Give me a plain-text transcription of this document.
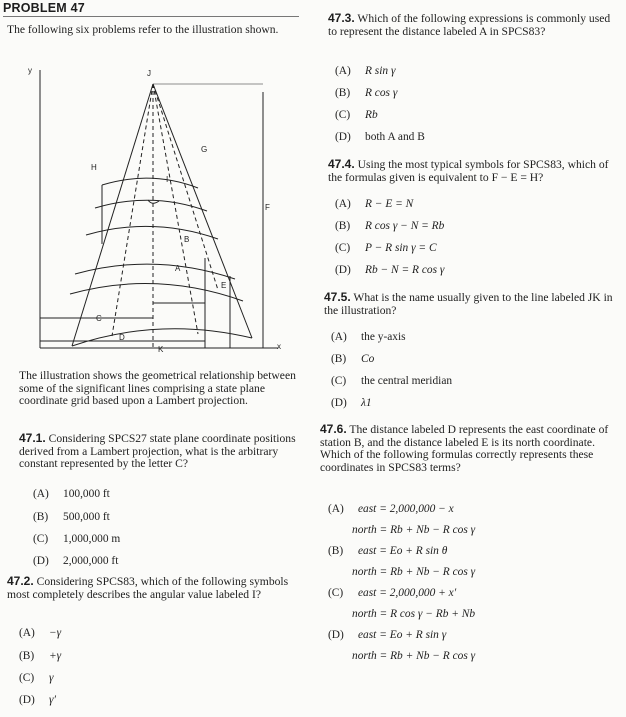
PROBLEM 47

The following six problems refer to the illustration shown.

y	J
G
H
I
F
B
A
E
C
D
K	x

The illustration shows the geometrical relationship between some of the significant lines comprising a state plane coordinate grid based upon a Lambert projection.

47.1. Considering SPCS27 state plane coordinate positions derived from a Lambert projection, what is the arbitrary constant represented by the letter C?

(A) 100,000 ft
(B) 500,000 ft
(C) 1,000,000 m
(D) 2,000,000 ft

47.2. Considering SPCS83, which of the following symbols most completely describes the angular value labeled I?

(A) −γ
(B) +γ
(C) γ
(D) γ′

47.3. Which of the following expressions is commonly used to represent the distance labeled A in SPCS83?

(A) R sin γ
(B) R cos γ
(C) Rb
(D) both A and B

47.4. Using the most typical symbols for SPCS83, which of the formulas given is equivalent to F − E = H?

(A) R − E = N
(B) R cos γ − N = Rb
(C) P − R sin γ = C
(D) Rb − N = R cos γ

47.5. What is the name usually given to the line labeled JK in the illustration?

(A) the y-axis
(B) Co
(C) the central meridian
(D) λ1

47.6. The distance labeled D represents the east coordinate of station B, and the distance labeled E is its north coordinate. Which of the following formulas correctly represents these coordinates in SPCS83 terms?

(A) east = 2,000,000 − x
north = Rb + Nb − R cos γ
(B) east = Eo + R sin θ
north = Rb + Nb − R cos γ
(C) east = 2,000,000 + x′
north = R cos γ − Rb + Nb
(D) east = Eo + R sin γ
north = Rb + Nb − R cos γ
